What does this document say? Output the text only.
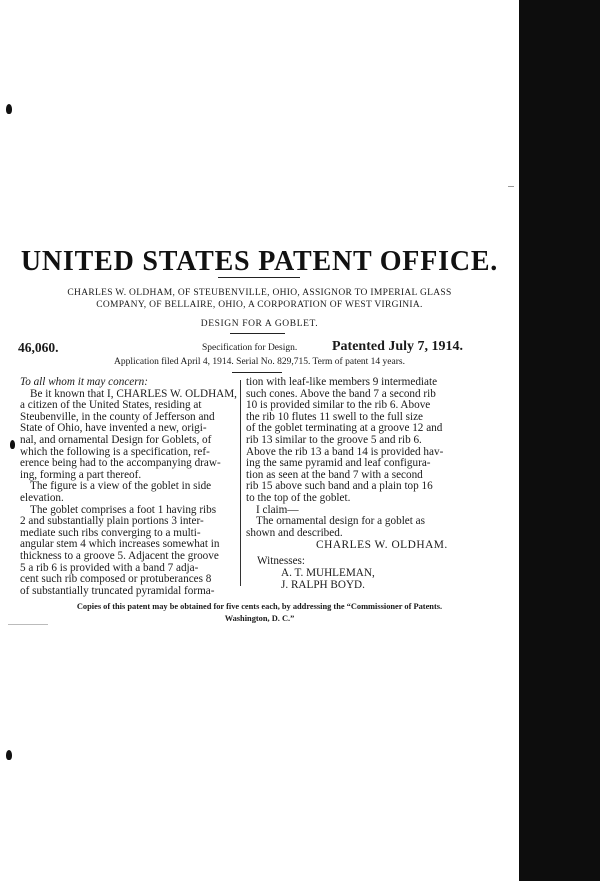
UNITED STATES PATENT OFFICE.
CHARLES W. OLDHAM, OF STEUBENVILLE, OHIO, ASSIGNOR TO IMPERIAL GLASS
COMPANY, OF BELLAIRE, OHIO, A CORPORATION OF WEST VIRGINIA.
DESIGN FOR A GOBLET.
46,060.	Specification for Design. Patented July 7, 1914.
Application filed April 4, 1914. Serial No. 829,715. Term of patent 14 years.
To all whom it may concern:
Be it known that I, CHARLES W. OLDHAM,
a citizen of the United States, residing at
Steubenville, in the county of Jefferson and
State of Ohio, have invented a new, origi-
nal, and ornamental Design for Goblets, of
which the following is a specification, ref-
erence being had to the accompanying draw-
ing, forming a part thereof.
The figure is a view of the goblet in side
elevation.
The goblet comprises a foot 1 having ribs
2 and substantially plain portions 3 inter-
mediate such ribs converging to a multi-
angular stem 4 which increases somewhat in
thickness to a groove 5. Adjacent the groove
5 a rib 6 is provided with a band 7 adja-
cent such rib composed or protuberances 8
of substantially truncated pyramidal forma-
tion with leaf-like members 9 intermediate
such cones. Above the band 7 a second rib
10 is provided similar to the rib 6. Above
the rib 10 flutes 11 swell to the full size
of the goblet terminating at a groove 12 and
rib 13 similar to the groove 5 and rib 6.
Above the rib 13 a band 14 is provided hav-
ing the same pyramid and leaf configura-
tion as seen at the band 7 with a second
rib 15 above such band and a plain top 16
to the top of the goblet.
I claim—
The ornamental design for a goblet as
shown and described.
CHARLES W. OLDHAM.
Witnesses:
A. T. MUHLEMAN,
J. RALPH BOYD.
Copies of this patent may be obtained for five cents each, by addressing the “Commissioner of Patents.
Washington, D. C.”
